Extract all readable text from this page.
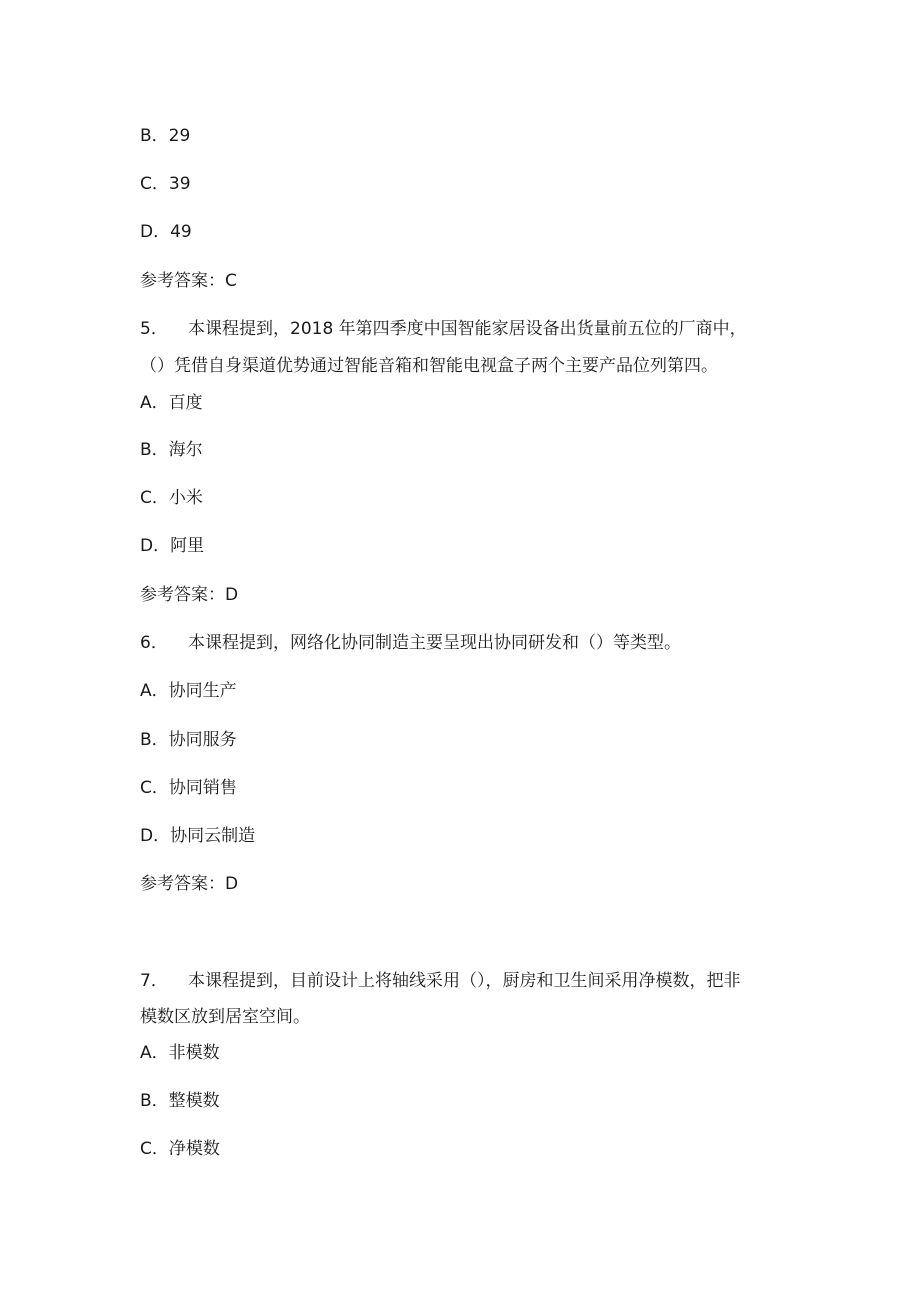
B．29
C．39
D．49
参考答案：C
5． 本课程提到，2018 年第四季度中国智能家居设备出货量前五位的厂商中，
（）凭借自身渠道优势通过智能音箱和智能电视盒子两个主要产品位列第四。
A．百度
B．海尔
C．小米
D．阿里
参考答案：D
6． 本课程提到，网络化协同制造主要呈现出协同研发和（）等类型。
A．协同生产
B．协同服务
C．协同销售
D．协同云制造
参考答案：D
7． 本课程提到，目前设计上将轴线采用（），厨房和卫生间采用净模数，把非
模数区放到居室空间。
A．非模数
B．整模数
C．净模数
